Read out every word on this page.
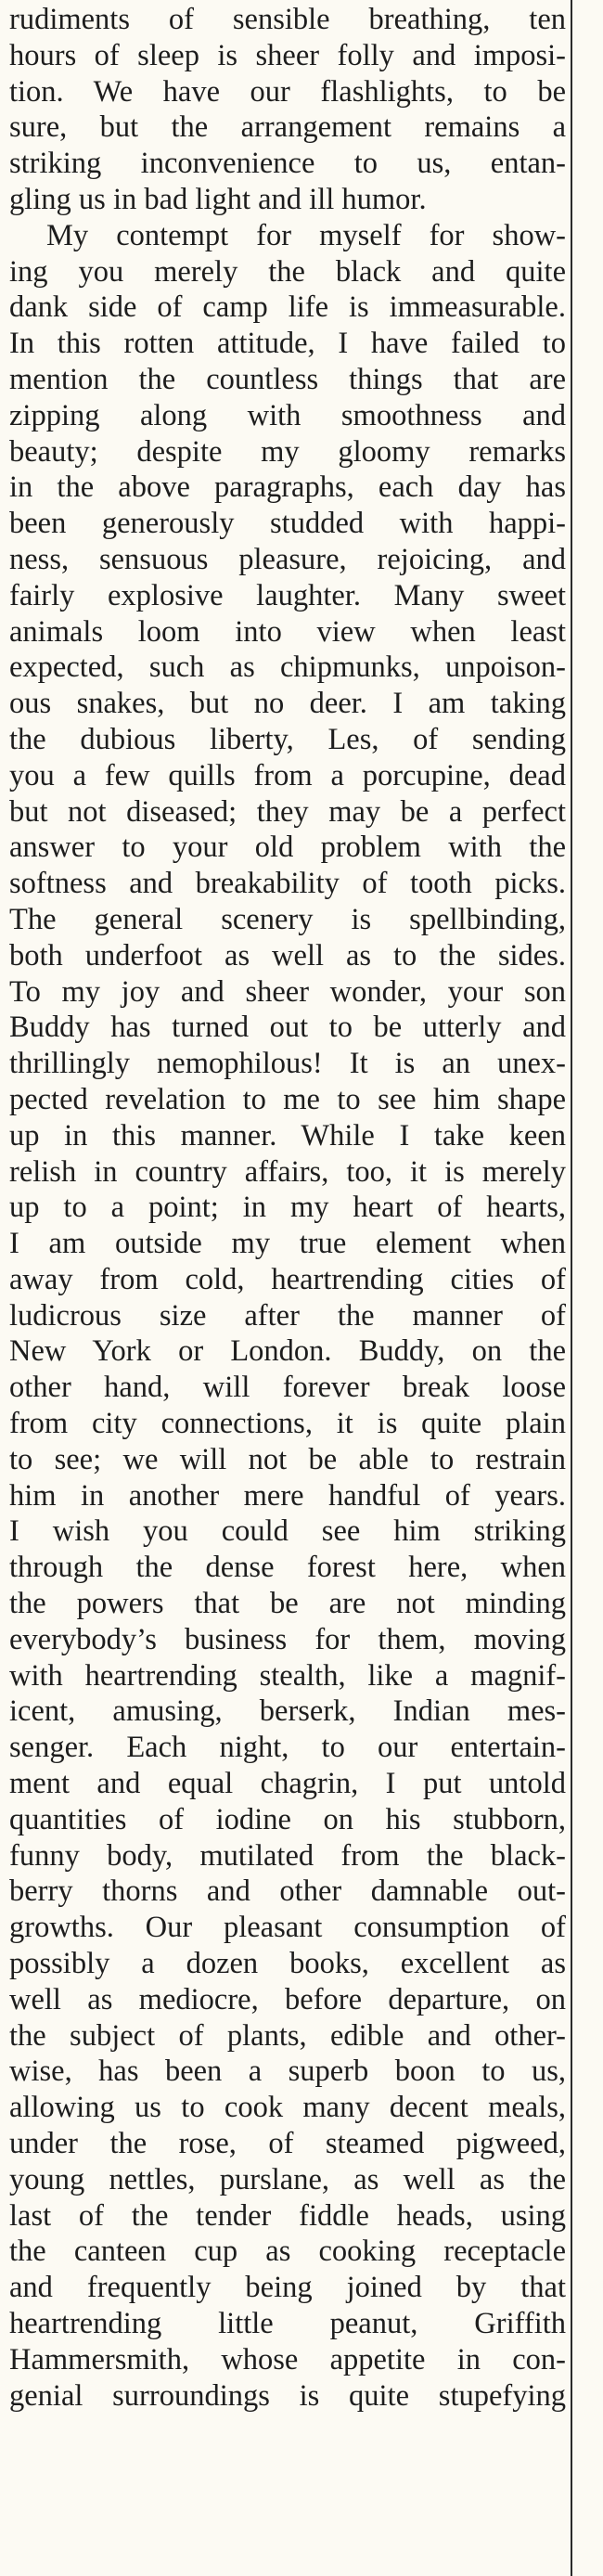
rudiments of sensible breathing, ten
hours of sleep is sheer folly and imposi-
tion. We have our flashlights, to be
sure, but the arrangement remains a
striking inconvenience to us, entan-
gling us in bad light and ill humor.
My contempt for myself for show-
ing you merely the black and quite
dank side of camp life is immeasurable.
In this rotten attitude, I have failed to
mention the countless things that are
zipping along with smoothness and
beauty; despite my gloomy remarks
in the above paragraphs, each day has
been generously studded with happi-
ness, sensuous pleasure, rejoicing, and
fairly explosive laughter. Many sweet
animals loom into view when least
expected, such as chipmunks, unpoison-
ous snakes, but no deer. I am taking
the dubious liberty, Les, of sending
you a few quills from a porcupine, dead
but not diseased; they may be a perfect
answer to your old problem with the
softness and breakability of tooth picks.
The general scenery is spellbinding,
both underfoot as well as to the sides.
To my joy and sheer wonder, your son
Buddy has turned out to be utterly and
thrillingly nemophilous! It is an unex-
pected revelation to me to see him shape
up in this manner. While I take keen
relish in country affairs, too, it is merely
up to a point; in my heart of hearts,
I am outside my true element when
away from cold, heartrending cities of
ludicrous size after the manner of
New York or London. Buddy, on the
other hand, will forever break loose
from city connections, it is quite plain
to see; we will not be able to restrain
him in another mere handful of years.
I wish you could see him striking
through the dense forest here, when
the powers that be are not minding
everybody’s business for them, moving
with heartrending stealth, like a magnif-
icent, amusing, berserk, Indian mes-
senger. Each night, to our entertain-
ment and equal chagrin, I put untold
quantities of iodine on his stubborn,
funny body, mutilated from the black-
berry thorns and other damnable out-
growths. Our pleasant consumption of
possibly a dozen books, excellent as
well as mediocre, before departure, on
the subject of plants, edible and other-
wise, has been a superb boon to us,
allowing us to cook many decent meals,
under the rose, of steamed pigweed,
young nettles, purslane, as well as the
last of the tender fiddle heads, using
the canteen cup as cooking receptacle
and frequently being joined by that
heartrending little peanut, Griffith
Hammersmith, whose appetite in con-
genial surroundings is quite stupefying
